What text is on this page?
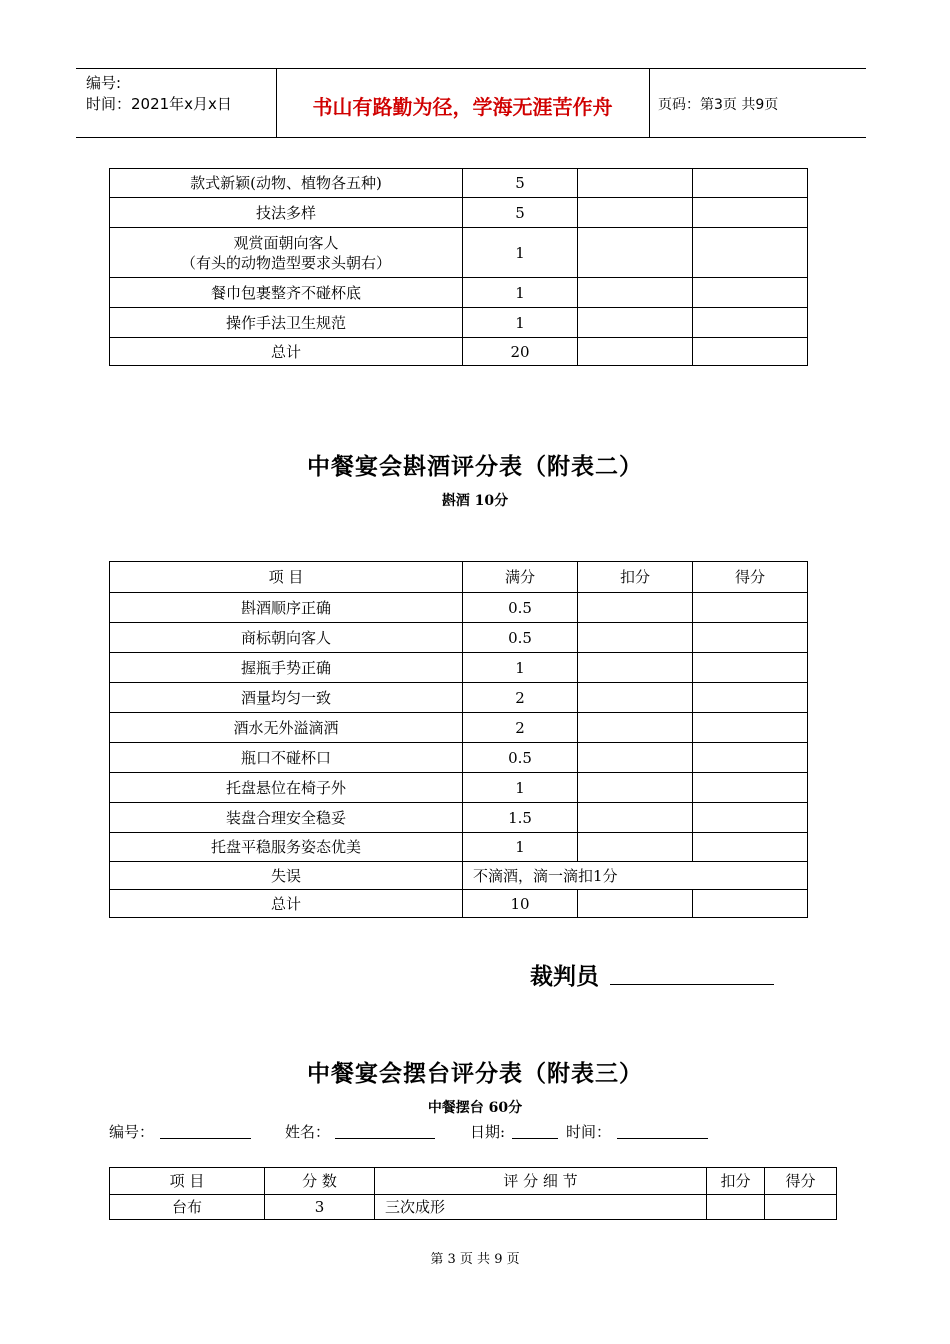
编号:
时间：2021年x月x日	书山有路勤为径，学海无涯苦作舟	页码：第3页 共9页
款式新颖(动物、植物各五种)	5		
技法多样	5		

观赏面朝向客人
（有头的动物造型要求头朝右）	1		
餐巾包裹整齐不碰杯底	1		
操作手法卫生规范	1		
总计	20		
中餐宴会斟酒评分表（附表二）
斟酒 10分
项 目	满分	扣分	得分
斟酒顺序正确	0.5		
商标朝向客人	0.5		
握瓶手势正确	1		
酒量均匀一致	2		
酒水无外溢滴洒	2		
瓶口不碰杯口	0.5		
托盘悬位在椅子外	1		
装盘合理安全稳妥	1.5		
托盘平稳服务姿态优美	1		
失误	不滴酒，滴一滴扣1分		
总计	10		
裁判员
中餐宴会摆台评分表（附表三）
中餐摆台 60分
编号：	姓名：	日期:	时间：
项 目	分 数	评 分 细 节	扣分	得分
台布	3	三次成形		
第 3 页 共 9 页
